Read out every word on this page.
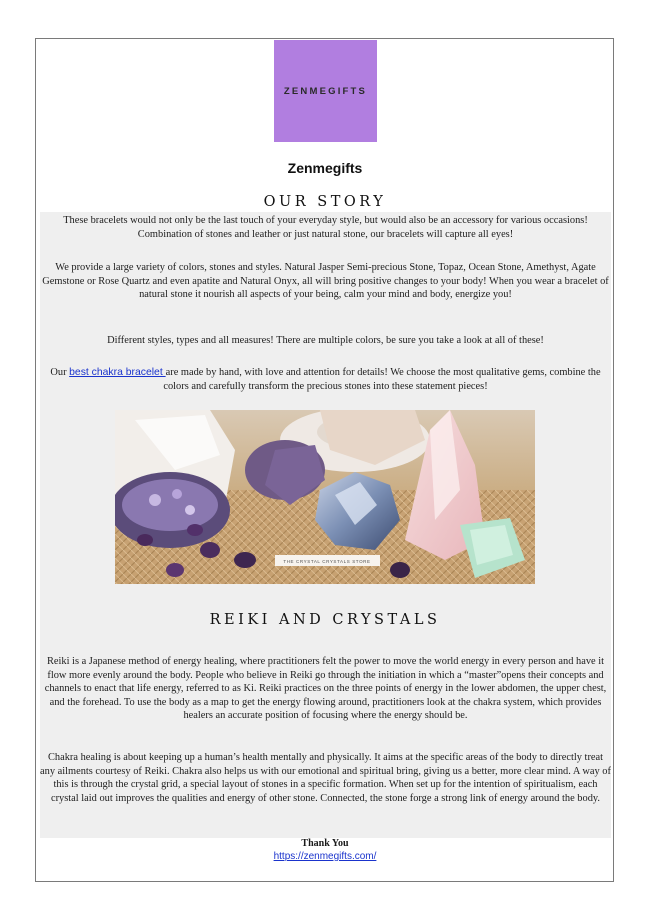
ZENMEGIFTS
Zenmegifts
OUR STORY

These bracelets would not only be the last touch of your everyday style, but would also be an accessory for various occasions! Combination of stones and leather or just natural stone, our bracelets will capture all eyes!

We provide a large variety of colors, stones and styles. Natural Jasper Semi-precious Stone, Topaz, Ocean Stone, Amethyst, Agate Gemstone or Rose Quartz and even apatite and Natural Onyx, all will bring positive changes to your body! When you wear a bracelet of natural stone it nourish all aspects of your being, calm your mind and body, energize you!

Different styles, types and all measures! There are multiple colors, be sure you take a look at all of these!

Our best chakra bracelet are made by hand, with love and attention for details! We choose the most qualitative gems, combine the colors and carefully transform the precious stones into these statement pieces!

THE CRYSTAL CRYSTALS STORE
REIKI AND CRYSTALS

Reiki is a Japanese method of energy healing, where practitioners felt the power to move the world energy in every person and have it flow more evenly around the body. People who believe in Reiki go through the initiation in which a “master”opens their concepts and channels to enact that life energy, referred to as Ki. Reiki practices on the three points of energy in the lower abdomen, the upper chest, and the forehead. To use the body as a map to get the energy flowing around, practitioners look at the chakra system, which provides healers an accurate position of focusing where the energy should be.

Chakra healing is about keeping up a human’s health mentally and physically. It aims at the specific areas of the body to directly treat any ailments courtesy of Reiki. Chakra also helps us with our emotional and spiritual bring, giving us a better, more clear mind. A way of this is through the crystal grid, a special layout of stones in a specific formation. When set up for the intention of spiritualism, each crystal laid out improves the qualities and energy of other stone. Connected, the stone forge a strong link of energy around the body.

Thank You
https://zenmegifts.com/
